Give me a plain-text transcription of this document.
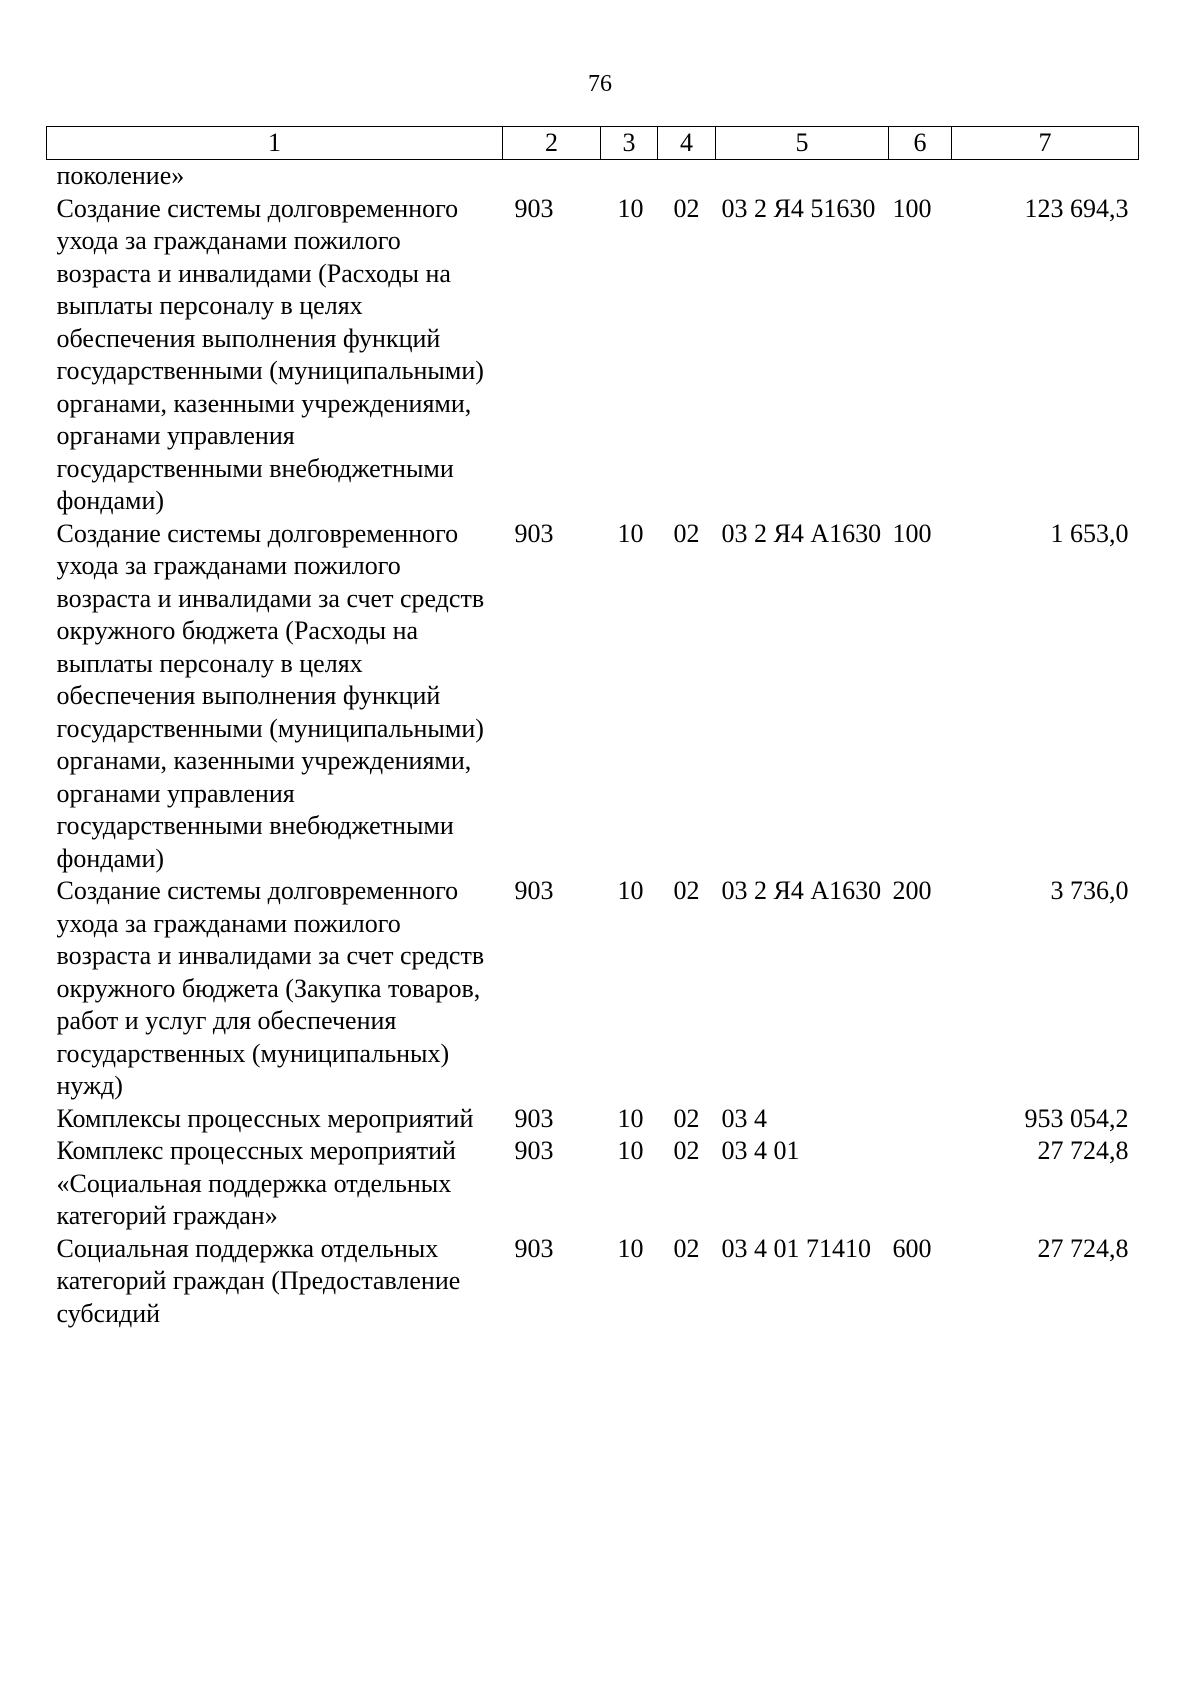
76
1	2	3	4	5	6	7
поколение»						
Создание системы долговременного ухода за гражданами пожилого возраста и инвалидами (Расходы на выплаты персоналу в целях обеспечения выполнения функций государственными (муниципальными) органами, казенными учреждениями, органами управления государственными внебюджетными фондами)	903	10	02	03 2 Я4 51630	100	123 694,3
Создание системы долговременного ухода за гражданами пожилого возраста и инвалидами за счет средств окружного бюджета (Расходы на выплаты персоналу в целях обеспечения выполнения функций государственными (муниципальными) органами, казенными учреждениями, органами управления государственными внебюджетными фондами)	903	10	02	03 2 Я4 А1630	100	1 653,0
Создание системы долговременного ухода за гражданами пожилого возраста и инвалидами за счет средств окружного бюджета (Закупка товаров, работ и услуг для обеспечения государственных (муниципальных) нужд)	903	10	02	03 2 Я4 А1630	200	3 736,0
Комплексы процессных мероприятий	903	10	02	03 4		953 054,2
Комплекс процессных мероприятий «Социальная поддержка отдельных категорий граждан»	903	10	02	03 4 01		27 724,8
Социальная поддержка отдельных категорий граждан (Предоставление субсидий	903	10	02	03 4 01 71410	600	27 724,8
